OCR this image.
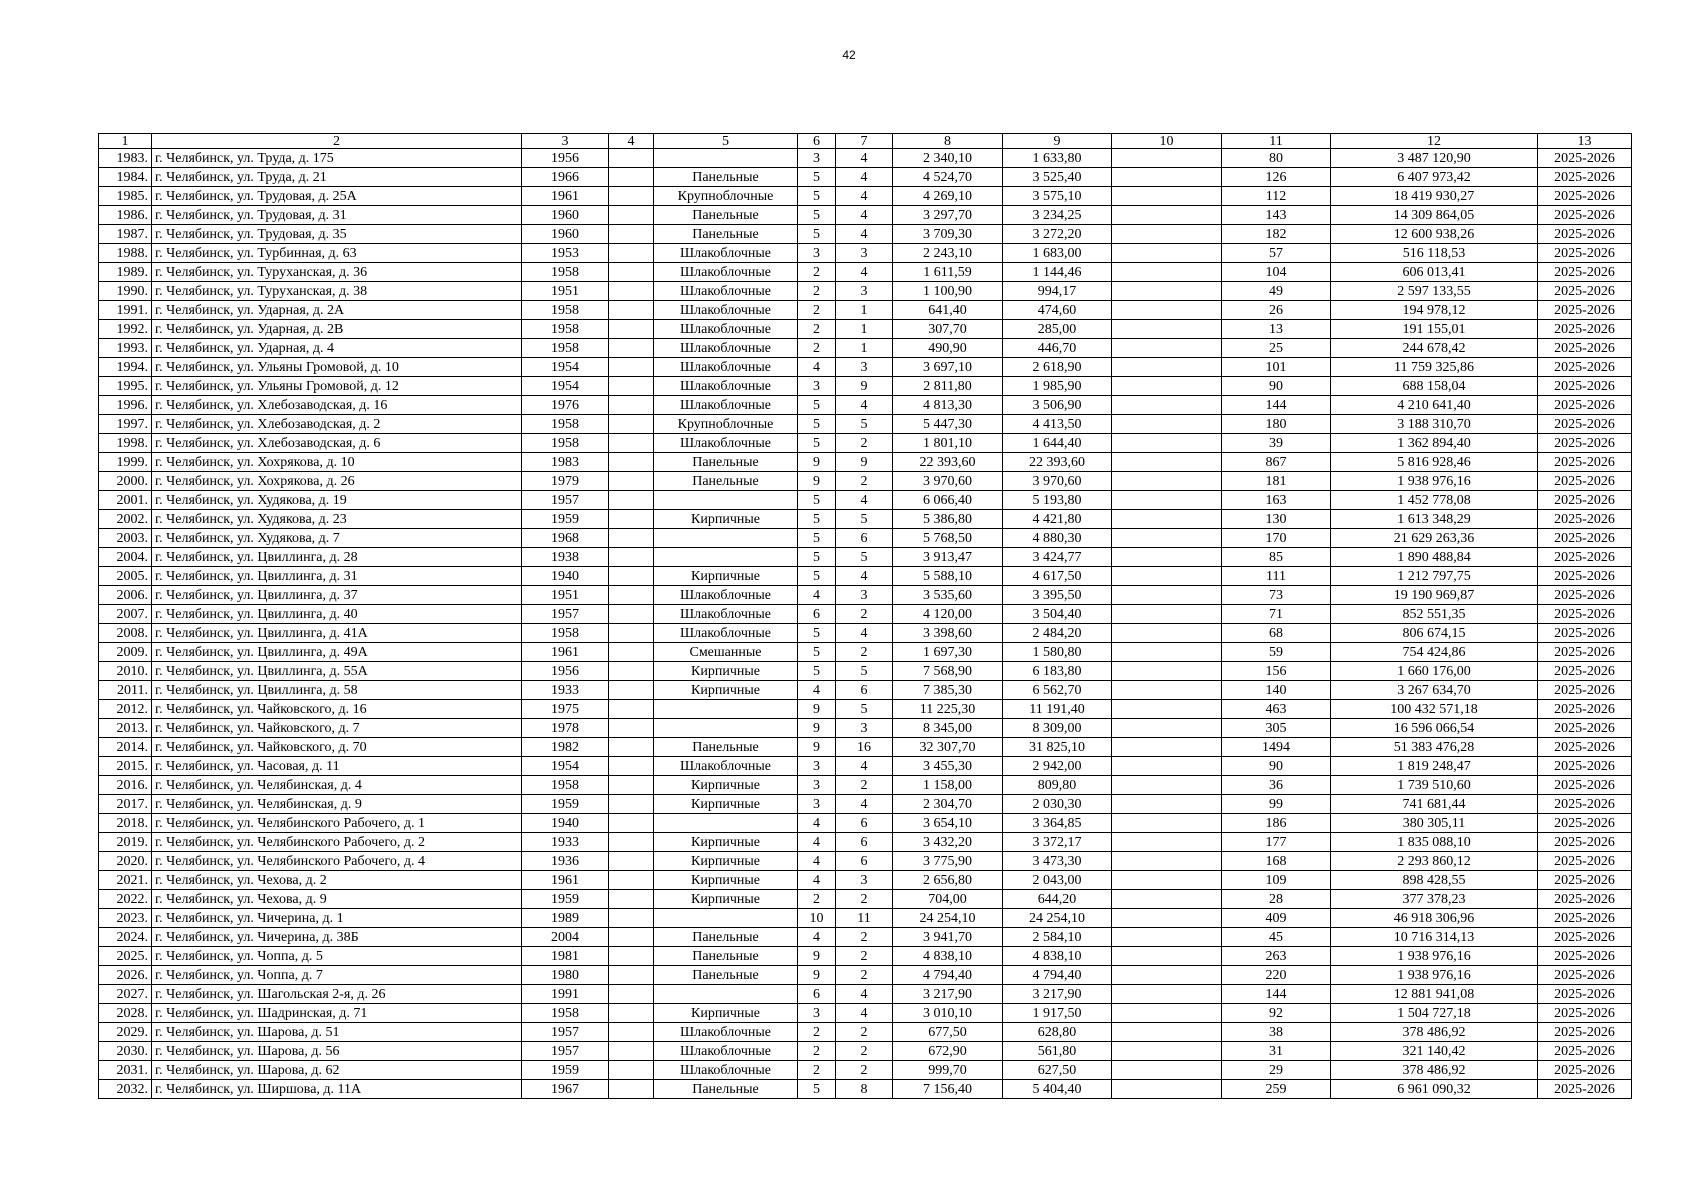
42
1	2	3	4	5	6	7	8	9	10	11	12	13
1983.	г. Челябинск, ул. Труда, д. 175	1956			3	4	2 340,10	1 633,80		80	3 487 120,90	2025-2026
1984.	г. Челябинск, ул. Труда, д. 21	1966		Панельные	5	4	4 524,70	3 525,40		126	6 407 973,42	2025-2026
1985.	г. Челябинск, ул. Трудовая, д. 25А	1961		Крупноблочные	5	4	4 269,10	3 575,10		112	18 419 930,27	2025-2026
1986.	г. Челябинск, ул. Трудовая, д. 31	1960		Панельные	5	4	3 297,70	3 234,25		143	14 309 864,05	2025-2026
1987.	г. Челябинск, ул. Трудовая, д. 35	1960		Панельные	5	4	3 709,30	3 272,20		182	12 600 938,26	2025-2026
1988.	г. Челябинск, ул. Турбинная, д. 63	1953		Шлакоблочные	3	3	2 243,10	1 683,00		57	516 118,53	2025-2026
1989.	г. Челябинск, ул. Туруханская, д. 36	1958		Шлакоблочные	2	4	1 611,59	1 144,46		104	606 013,41	2025-2026
1990.	г. Челябинск, ул. Туруханская, д. 38	1951		Шлакоблочные	2	3	1 100,90	994,17		49	2 597 133,55	2025-2026
1991.	г. Челябинск, ул. Ударная, д. 2А	1958		Шлакоблочные	2	1	641,40	474,60		26	194 978,12	2025-2026
1992.	г. Челябинск, ул. Ударная, д. 2В	1958		Шлакоблочные	2	1	307,70	285,00		13	191 155,01	2025-2026
1993.	г. Челябинск, ул. Ударная, д. 4	1958		Шлакоблочные	2	1	490,90	446,70		25	244 678,42	2025-2026
1994.	г. Челябинск, ул. Ульяны Громовой, д. 10	1954		Шлакоблочные	4	3	3 697,10	2 618,90		101	11 759 325,86	2025-2026
1995.	г. Челябинск, ул. Ульяны Громовой, д. 12	1954		Шлакоблочные	3	9	2 811,80	1 985,90		90	688 158,04	2025-2026
1996.	г. Челябинск, ул. Хлебозаводская, д. 16	1976		Шлакоблочные	5	4	4 813,30	3 506,90		144	4 210 641,40	2025-2026
1997.	г. Челябинск, ул. Хлебозаводская, д. 2	1958		Крупноблочные	5	5	5 447,30	4 413,50		180	3 188 310,70	2025-2026
1998.	г. Челябинск, ул. Хлебозаводская, д. 6	1958		Шлакоблочные	5	2	1 801,10	1 644,40		39	1 362 894,40	2025-2026
1999.	г. Челябинск, ул. Хохрякова, д. 10	1983		Панельные	9	9	22 393,60	22 393,60		867	5 816 928,46	2025-2026
2000.	г. Челябинск, ул. Хохрякова, д. 26	1979		Панельные	9	2	3 970,60	3 970,60		181	1 938 976,16	2025-2026
2001.	г. Челябинск, ул. Худякова, д. 19	1957			5	4	6 066,40	5 193,80		163	1 452 778,08	2025-2026
2002.	г. Челябинск, ул. Худякова, д. 23	1959		Кирпичные	5	5	5 386,80	4 421,80		130	1 613 348,29	2025-2026
2003.	г. Челябинск, ул. Худякова, д. 7	1968			5	6	5 768,50	4 880,30		170	21 629 263,36	2025-2026
2004.	г. Челябинск, ул. Цвиллинга, д. 28	1938			5	5	3 913,47	3 424,77		85	1 890 488,84	2025-2026
2005.	г. Челябинск, ул. Цвиллинга, д. 31	1940		Кирпичные	5	4	5 588,10	4 617,50		111	1 212 797,75	2025-2026
2006.	г. Челябинск, ул. Цвиллинга, д. 37	1951		Шлакоблочные	4	3	3 535,60	3 395,50		73	19 190 969,87	2025-2026
2007.	г. Челябинск, ул. Цвиллинга, д. 40	1957		Шлакоблочные	6	2	4 120,00	3 504,40		71	852 551,35	2025-2026
2008.	г. Челябинск, ул. Цвиллинга, д. 41А	1958		Шлакоблочные	5	4	3 398,60	2 484,20		68	806 674,15	2025-2026
2009.	г. Челябинск, ул. Цвиллинга, д. 49А	1961		Смешанные	5	2	1 697,30	1 580,80		59	754 424,86	2025-2026
2010.	г. Челябинск, ул. Цвиллинга, д. 55А	1956		Кирпичные	5	5	7 568,90	6 183,80		156	1 660 176,00	2025-2026
2011.	г. Челябинск, ул. Цвиллинга, д. 58	1933		Кирпичные	4	6	7 385,30	6 562,70		140	3 267 634,70	2025-2026
2012.	г. Челябинск, ул. Чайковского, д. 16	1975			9	5	11 225,30	11 191,40		463	100 432 571,18	2025-2026
2013.	г. Челябинск, ул. Чайковского, д. 7	1978			9	3	8 345,00	8 309,00		305	16 596 066,54	2025-2026
2014.	г. Челябинск, ул. Чайковского, д. 70	1982		Панельные	9	16	32 307,70	31 825,10		1494	51 383 476,28	2025-2026
2015.	г. Челябинск, ул. Часовая, д. 11	1954		Шлакоблочные	3	4	3 455,30	2 942,00		90	1 819 248,47	2025-2026
2016.	г. Челябинск, ул. Челябинская, д. 4	1958		Кирпичные	3	2	1 158,00	809,80		36	1 739 510,60	2025-2026
2017.	г. Челябинск, ул. Челябинская, д. 9	1959		Кирпичные	3	4	2 304,70	2 030,30		99	741 681,44	2025-2026
2018.	г. Челябинск, ул. Челябинского Рабочего, д. 1	1940			4	6	3 654,10	3 364,85		186	380 305,11	2025-2026
2019.	г. Челябинск, ул. Челябинского Рабочего, д. 2	1933		Кирпичные	4	6	3 432,20	3 372,17		177	1 835 088,10	2025-2026
2020.	г. Челябинск, ул. Челябинского Рабочего, д. 4	1936		Кирпичные	4	6	3 775,90	3 473,30		168	2 293 860,12	2025-2026
2021.	г. Челябинск, ул. Чехова, д. 2	1961		Кирпичные	4	3	2 656,80	2 043,00		109	898 428,55	2025-2026
2022.	г. Челябинск, ул. Чехова, д. 9	1959		Кирпичные	2	2	704,00	644,20		28	377 378,23	2025-2026
2023.	г. Челябинск, ул. Чичерина, д. 1	1989			10	11	24 254,10	24 254,10		409	46 918 306,96	2025-2026
2024.	г. Челябинск, ул. Чичерина, д. 38Б	2004		Панельные	4	2	3 941,70	2 584,10		45	10 716 314,13	2025-2026
2025.	г. Челябинск, ул. Чоппа, д. 5	1981		Панельные	9	2	4 838,10	4 838,10		263	1 938 976,16	2025-2026
2026.	г. Челябинск, ул. Чоппа, д. 7	1980		Панельные	9	2	4 794,40	4 794,40		220	1 938 976,16	2025-2026
2027.	г. Челябинск, ул. Шагольская 2-я, д. 26	1991			6	4	3 217,90	3 217,90		144	12 881 941,08	2025-2026
2028.	г. Челябинск, ул. Шадринская, д. 71	1958		Кирпичные	3	4	3 010,10	1 917,50		92	1 504 727,18	2025-2026
2029.	г. Челябинск, ул. Шарова, д. 51	1957		Шлакоблочные	2	2	677,50	628,80		38	378 486,92	2025-2026
2030.	г. Челябинск, ул. Шарова, д. 56	1957		Шлакоблочные	2	2	672,90	561,80		31	321 140,42	2025-2026
2031.	г. Челябинск, ул. Шарова, д. 62	1959		Шлакоблочные	2	2	999,70	627,50		29	378 486,92	2025-2026
2032.	г. Челябинск, ул. Ширшова, д. 11А	1967		Панельные	5	8	7 156,40	5 404,40		259	6 961 090,32	2025-2026
